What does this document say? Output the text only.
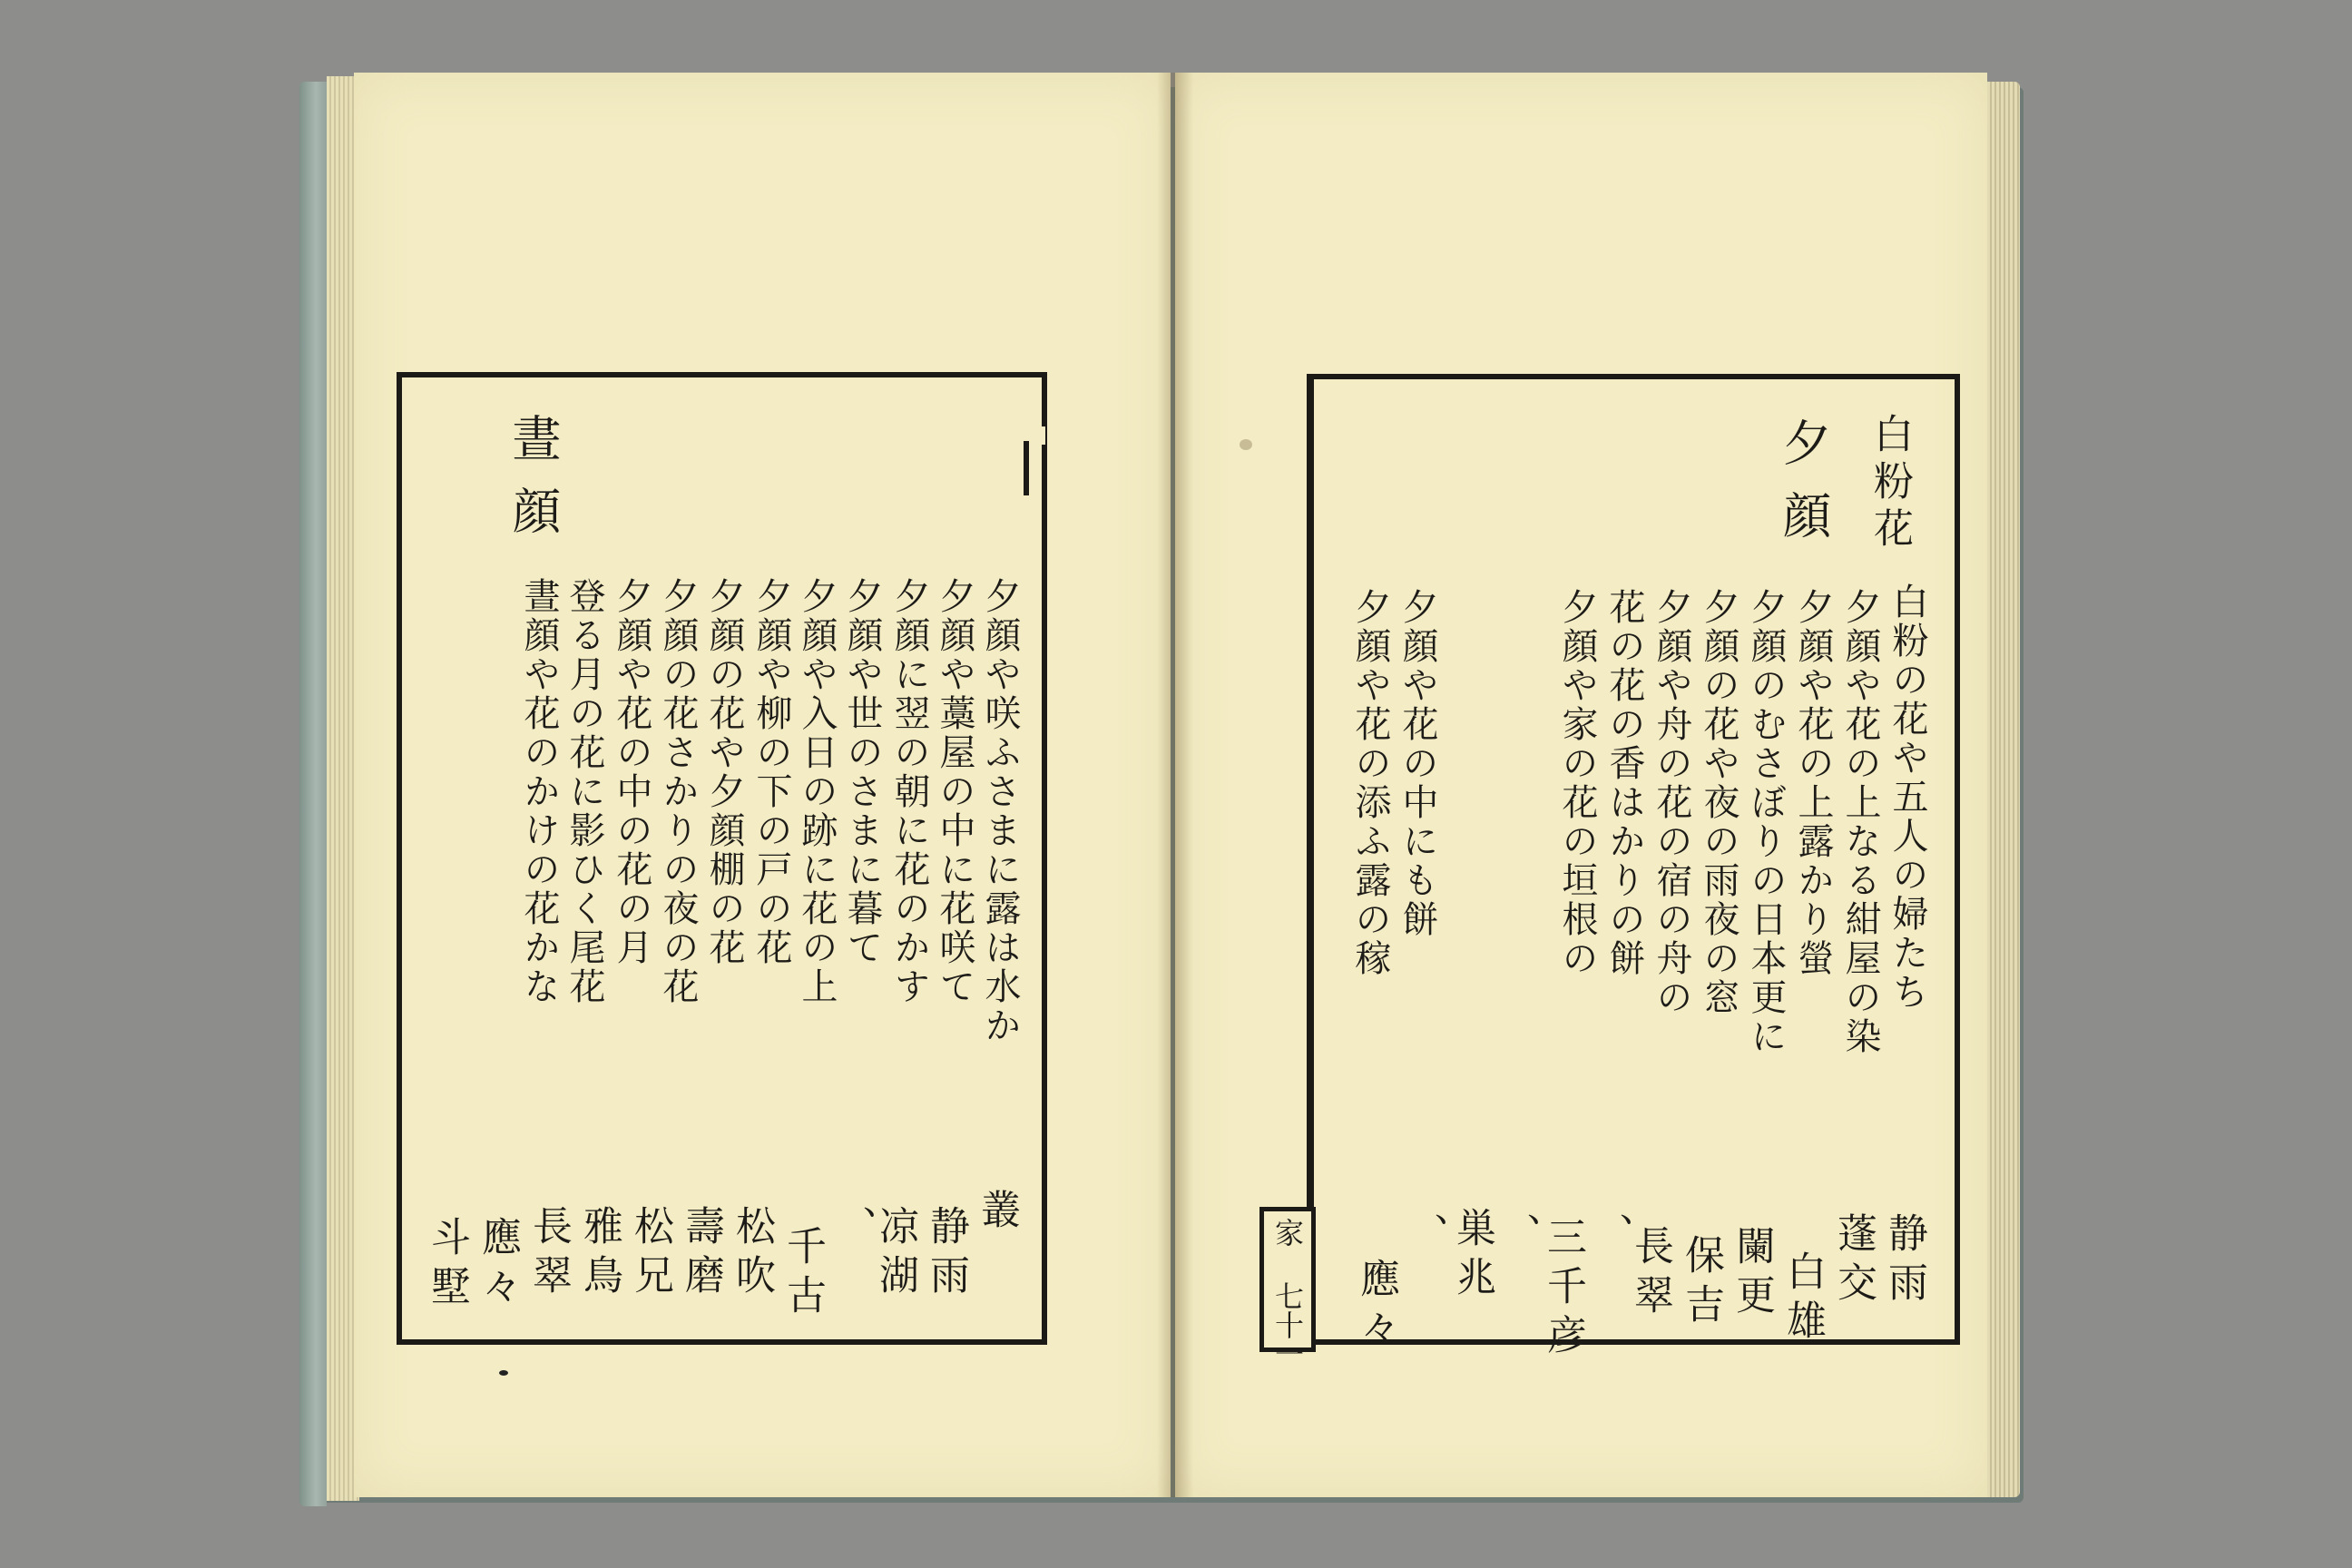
晝顔
夕顔や咲ふさまに露は水か
夕顔や藁屋の中に花咲て
夕顔に翌の朝に花のかす
夕顔や世のさまに暮て
夕顔や入日の跡に花の上
夕顔や柳の下の戸の花
夕顔の花や夕顔棚の花
夕顔の花さかりの夜の花
夕顔や花の中の花の月
登る月の花に影ひく尾花
晝顔や花のかけの花かな
叢
静雨
凉湖
、
千古
松吹
壽磨
松兄
雅鳥
長翠
應々
斗墅
白粉花
夕顔
白粉の花や五人の婦たち
夕顔や花の上なる紺屋の染
夕顔や花の上露かり螢
夕顔のむさぼりの日本更に
夕顔の花や夜の雨夜の窓
夕顔や舟の花の宿の舟の
花の花の香はかりの餅
夕顔や家の花の垣根の
夕顔や花の中にも餅
夕顔や花の添ふ露の稼
静雨
蓬交
白雄
闌更
保吉
長翠
、
三千彦
、
巣兆
、
應々
家 七十一
